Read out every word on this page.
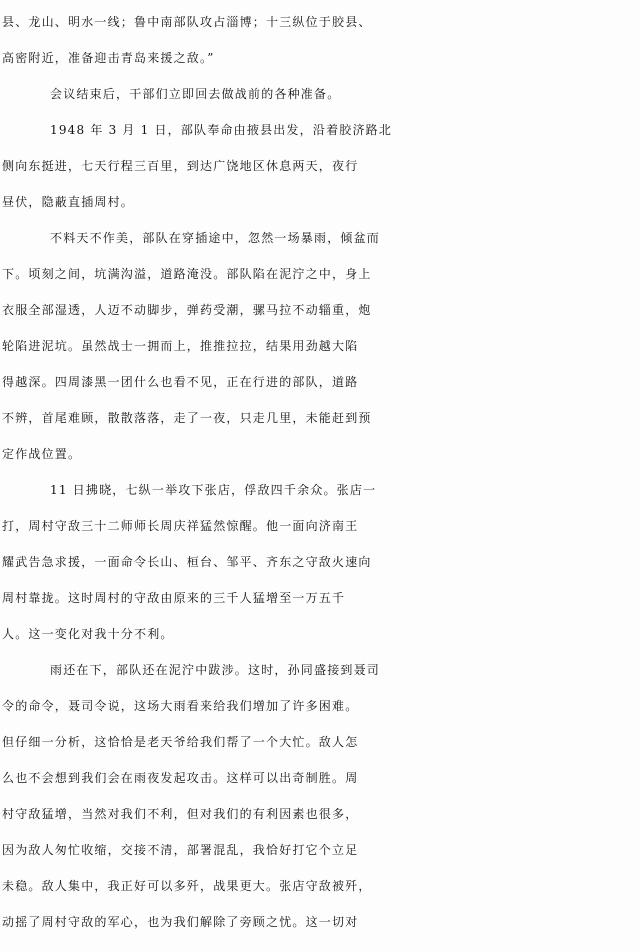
县、龙山、明水一线；鲁中南部队攻占淄博；十三纵位于胶县、
高密附近，准备迎击青岛来援之敌。”
会议结束后，干部们立即回去做战前的各种准备。
1948 年 3 月 1 日，部队奉命由掖县出发，沿着胶济路北
侧向东挺进，七天行程三百里，到达广饶地区休息两天，夜行
昼伏，隐蔽直插周村。
不料天不作美，部队在穿插途中，忽然一场暴雨，倾盆而
下。顷刻之间，坑满沟溢，道路淹没。部队陷在泥泞之中，身上
衣服全部湿透，人迈不动脚步，弹药受潮，骡马拉不动辎重，炮
轮陷进泥坑。虽然战士一拥而上，推推拉拉，结果用劲越大陷
得越深。四周漆黑一团什么也看不见，正在行进的部队，道路
不辨，首尾难顾，散散落落，走了一夜，只走几里，未能赶到预
定作战位置。
11 日拂晓，七纵一举攻下张店，俘敌四千余众。张店一
打，周村守敌三十二师师长周庆祥猛然惊醒。他一面向济南王
耀武告急求援，一面命令长山、桓台、邹平、齐东之守敌火速向
周村靠拢。这时周村的守敌由原来的三千人猛增至一万五千
人。这一变化对我十分不利。
雨还在下，部队还在泥泞中跋涉。这时，孙同盛接到聂司
令的命令，聂司令说，这场大雨看来给我们增加了许多困难。
但仔细一分析，这恰恰是老天爷给我们帮了一个大忙。敌人怎
么也不会想到我们会在雨夜发起攻击。这样可以出奇制胜。周
村守敌猛增，当然对我们不利，但对我们的有利因素也很多，
因为敌人匆忙收缩，交接不清，部署混乱，我恰好打它个立足
未稳。敌人集中，我正好可以多歼，战果更大。张店守敌被歼，
动摇了周村守敌的军心，也为我们解除了旁顾之忧。这一切对
